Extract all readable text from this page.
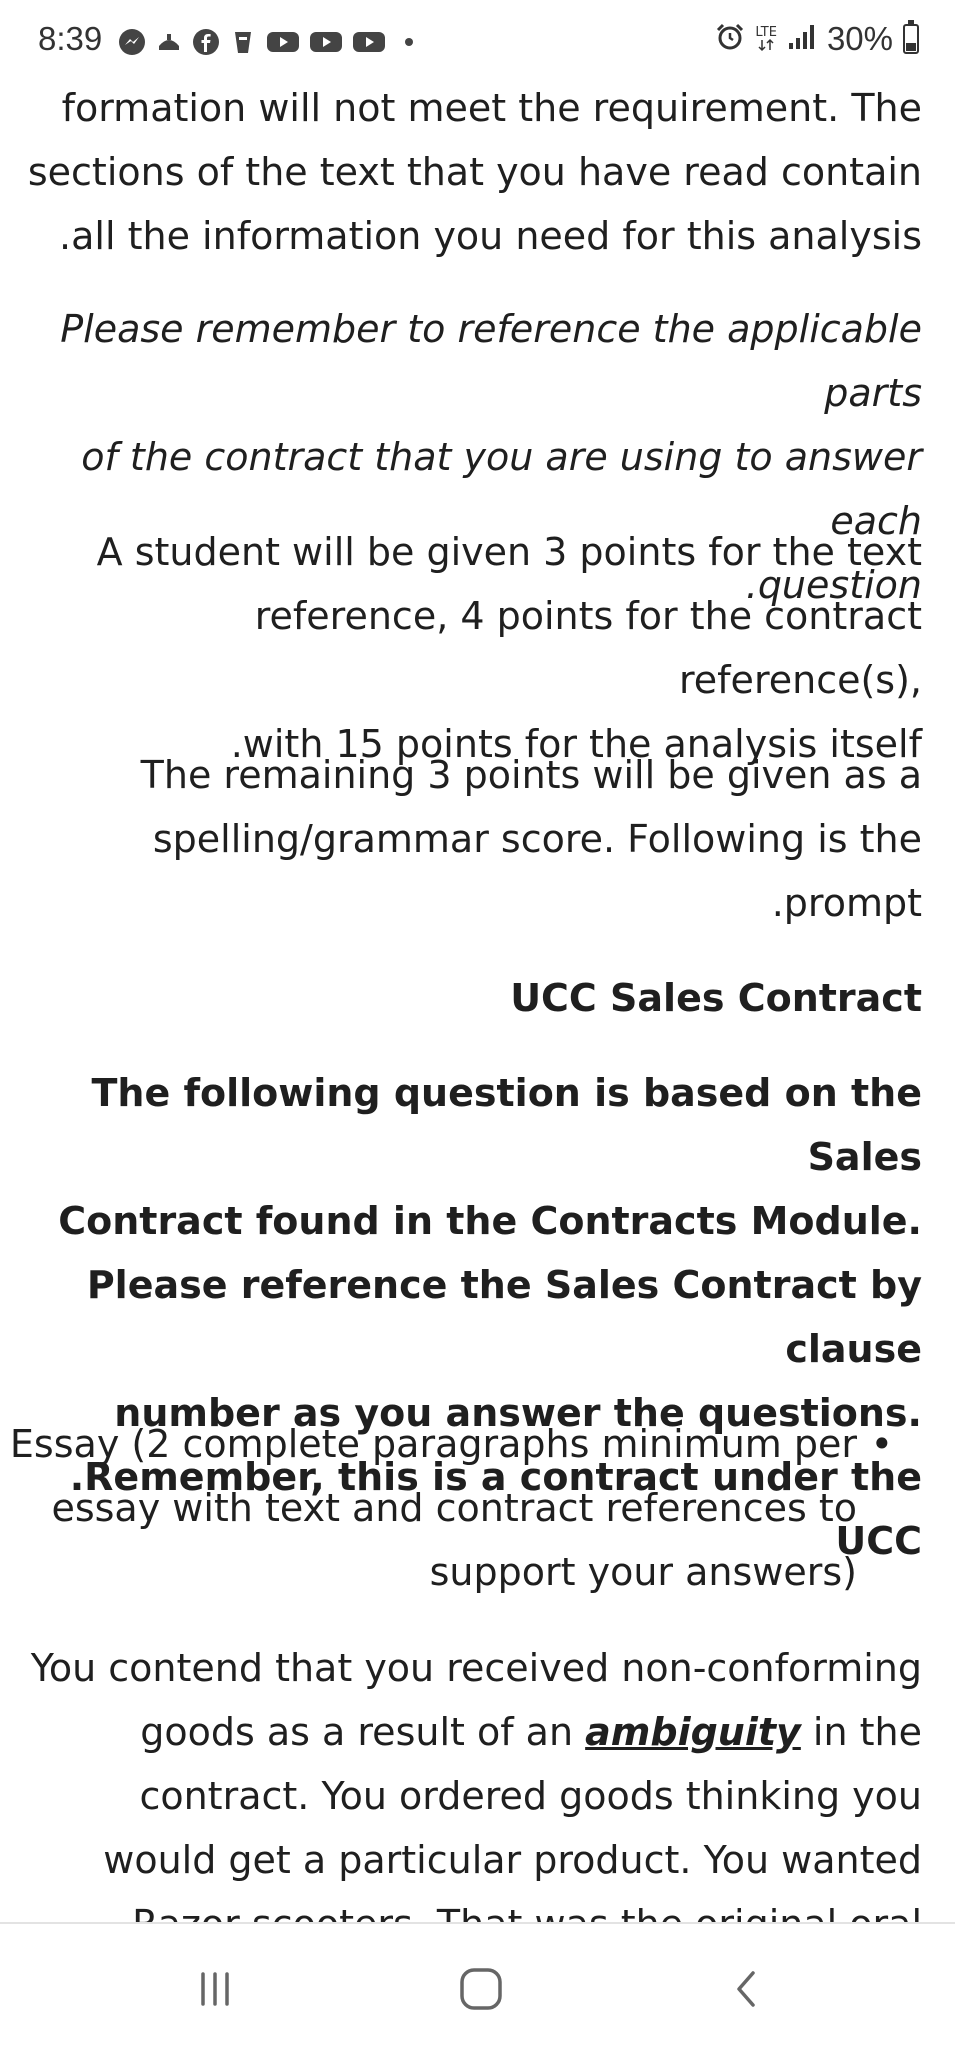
formation will not meet the requirement. The
sections of the text that you have read contain
.all the information you need for this analysis

Please remember to reference the applicable parts
of the contract that you are using to answer each
.question

A student will be given 3 points for the text
reference, 4 points for the contract reference(s),
.with 15 points for the analysis itself

The remaining 3 points will be given as a
spelling/grammar score. Following is the
.prompt

UCC Sales Contract

The following question is based on the Sales
Contract found in the Contracts Module.
Please reference the Sales Contract by clause
number as you answer the questions.
.Remember, this is a contract under the UCC

Essay (2 complete paragraphs minimum per
essay with text and contract references to
support your answers)

•

You contend that you received non-conforming
goods as a result of an ambiguity in the
contract. You ordered goods thinking you
would get a particular product. You wanted

8:39	LTE 30%
